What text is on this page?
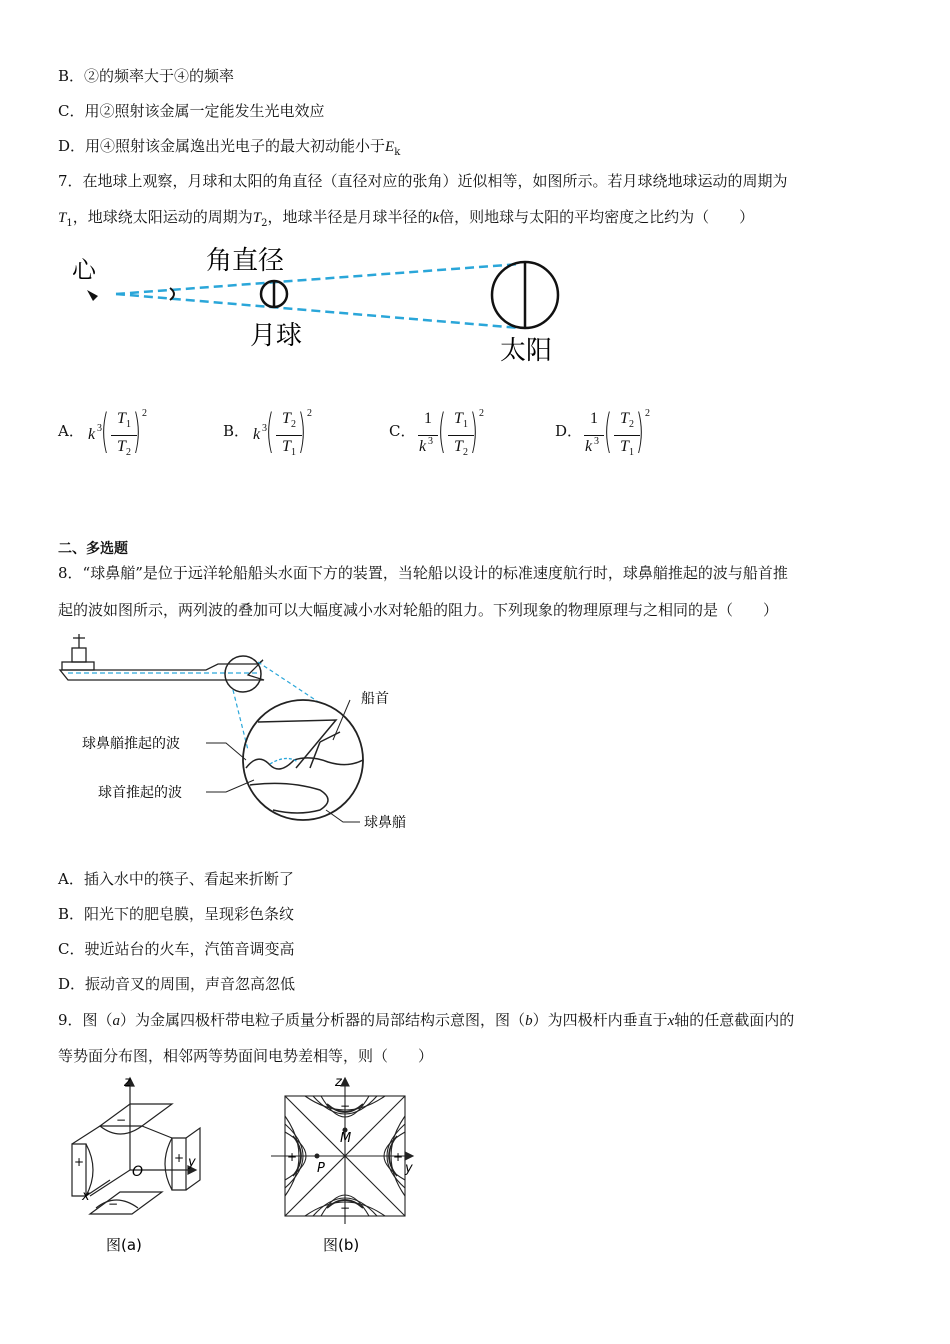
B．②的频率大于④的频率
C．用②照射该金属一定能发生光电效应
D．用④照射该金属逸出光电子的最大初动能小于$E_k$
7．在地球上观察，月球和太阳的角直径（直径对应的张角）近似相等，如图所示。若月球绕地球运动的周期为
$T_1$，地球绕太阳运动的周期为$T_2$，地球半径是月球半径的k倍，则地球与太阳的平均密度之比约为（　　）
心	角直径
月球	太阳
A． k 3
( $T_1$
$T_2$ ) 2
B． k 3
( $T_2$
$T_1$ ) 2
C．
1
k 3 ( $T_1$
$T_2$ ) 2
D．
1
k 3 ( $T_2$
$T_1$ ) 2
二、多选题
8．“球鼻艏”是位于远洋轮船船头水面下方的装置，当轮船以设计的标准速度航行时，球鼻艏推起的波与船首推
起的波如图所示，两列波的叠加可以大幅度减小水对轮船的阻力。下列现象的物理原理与之相同的是（　　）
船首
球鼻艏推起的波
球首推起的波
球鼻艏
A．插入水中的筷子、看起来折断了
B．阳光下的肥皂膜，呈现彩色条纹
C．驶近站台的火车，汽笛音调变高
D．振动音叉的周围，声音忽高忽低
9．图（a）为金属四极杆带电粒子质量分析器的局部结构示意图，图（b）为四极杆内垂直于x轴的任意截面内的
等势面分布图，相邻两等势面间电势差相等，则（　　）
z
y
x
O
−
−
+	+
图(a)
z
y
M
P
−
−
+	+
图(b)
